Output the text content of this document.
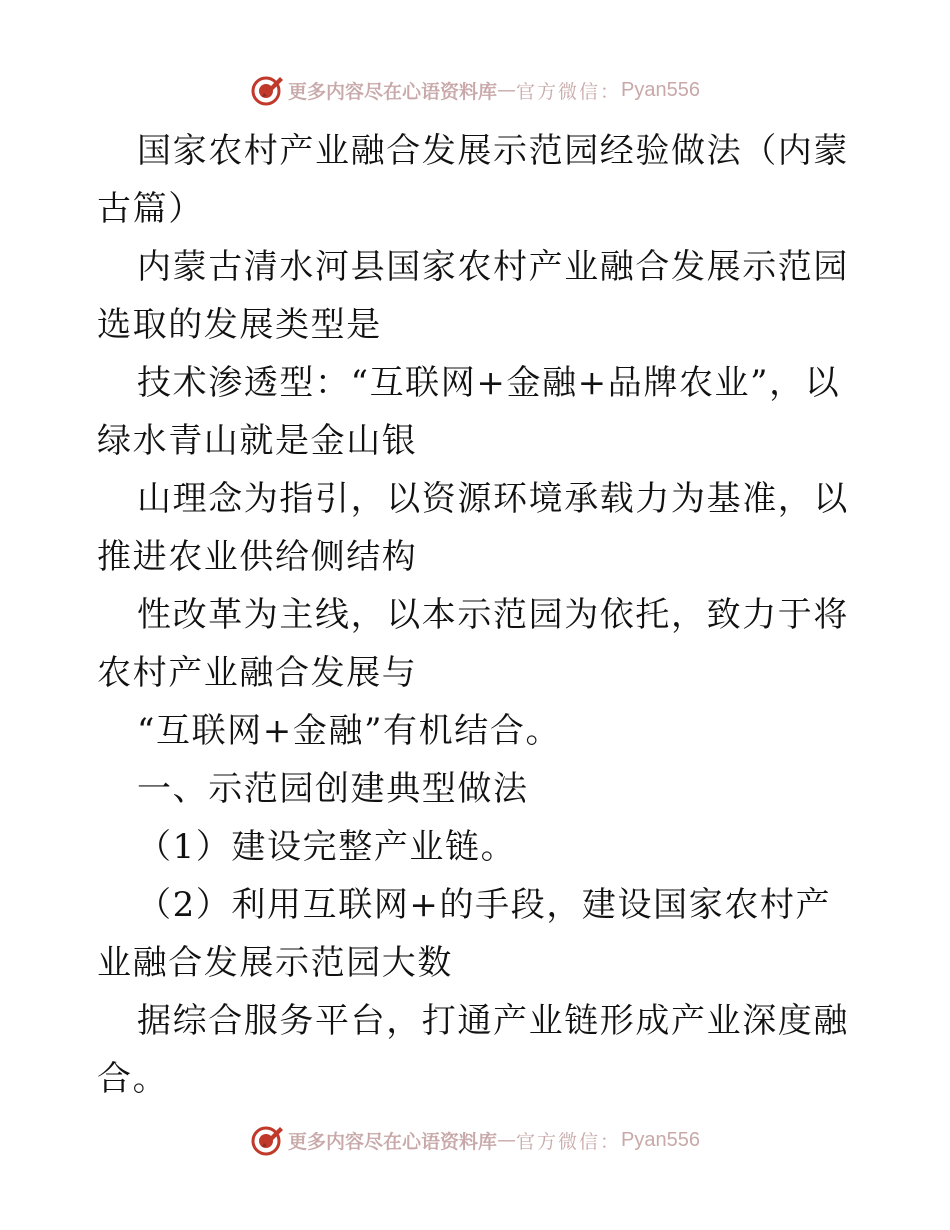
更多内容尽在心语资料库 — 官方微信： Pyan556

国家农村产业融合发展示范园经验做法（内蒙古篇）

内蒙古清水河县国家农村产业融合发展示范园选取的发展类型是

技术渗透型：“互联网+金融+品牌农业”，以绿水青山就是金山银

山理念为指引，以资源环境承载力为基准，以推进农业供给侧结构

性改革为主线，以本示范园为依托，致力于将农村产业融合发展与

“互联网+金融”有机结合。

一、示范园创建典型做法

（1）建设完整产业链。

（2）利用互联网+的手段，建设国家农村产业融合发展示范园大数

据综合服务平台，打通产业链形成产业深度融合。

更多内容尽在心语资料库 — 官方微信： Pyan556
